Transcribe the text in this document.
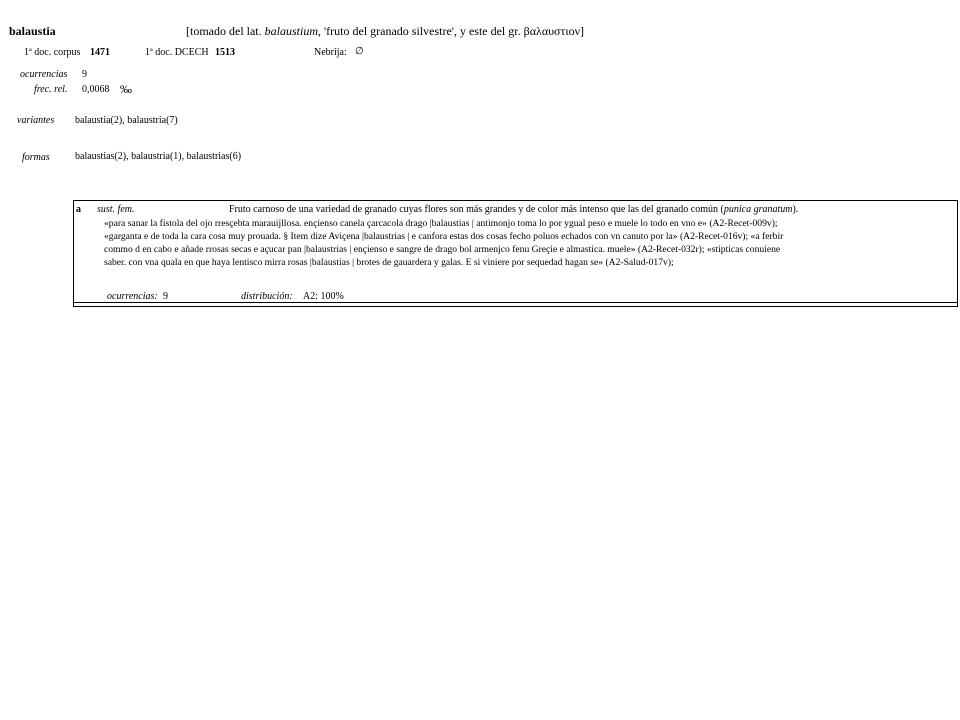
balaustia	[tomado del lat. balaustium, 'fruto del granado silvestre', y este del gr. βαλαυστιον]
1ª doc. corpus 1471	1ª doc. DCECH 1513	Nebrija: ∅
ocurrencias 9
frec. rel. 0,0068 ‰
variantes balaustia(2), balaustria(7)
formas	balaustias(2), balaustria(1), balaustrias(6)
a sust. fem.	Fruto carnoso de una variedad de granado cuyas flores son más grandes y de color más intenso que las del granado común (punica granatum).
«para sanar la fistola del ojo rresçebta marauijllosa. ençienso canela çarcacola drago |balaustias | antimonjo toma lo por ygual peso e muele lo todo en vno e» (A2-Recet-009v);
«garganta e de toda la cara cosa muy prouada. § Item dize Aviçena |balaustrias | e canfora estas dos cosas fecho poluos echados con vn canuto por la» (A2-Recet-016v); «a ferbir
commo d en cabo e añade rrosas secas e açucar pan |balaustrias | ençienso e sangre de drago bol armenjco fenu Greçie e almastica. muele» (A2-Recet-032r); «stipticas conuiene
saber. con vna quala en que haya lentisco mirra rosas |balaustias | brotes de gauardera y galas. E si viniere por sequedad hagan se» (A2-Salud-017v);
ocurrencias: 9	distribución: A2: 100%
